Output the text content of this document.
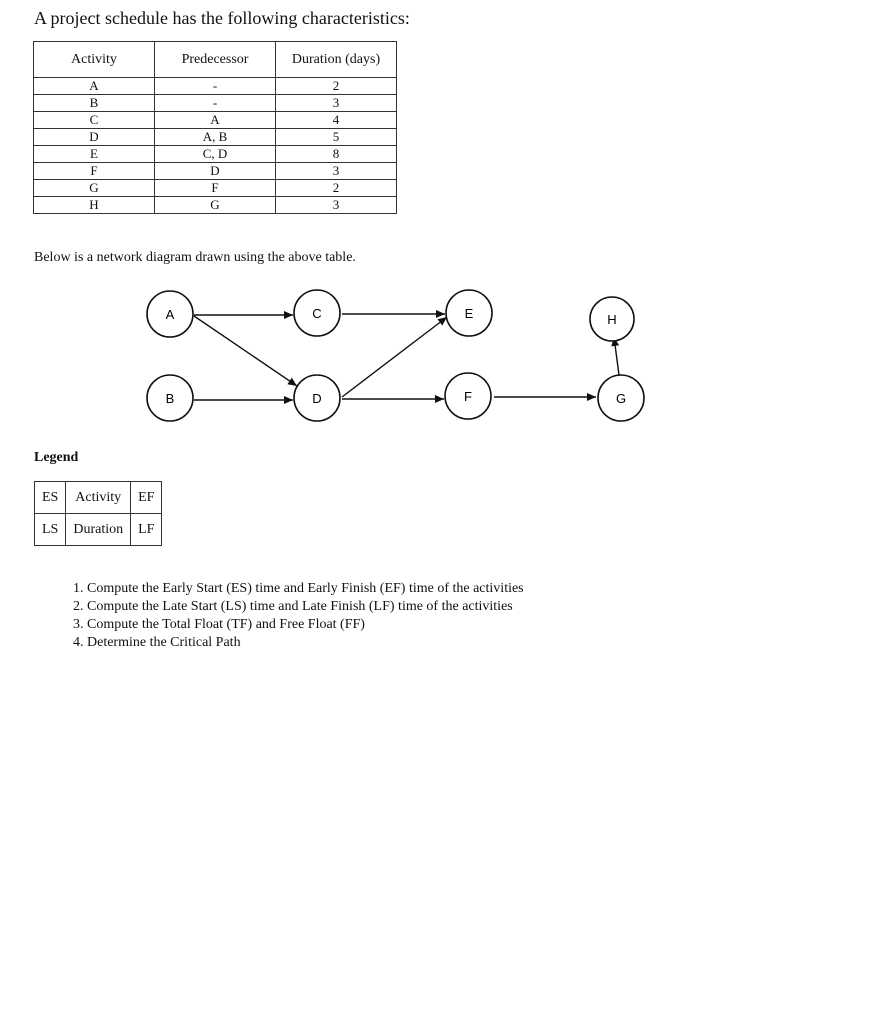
A project schedule has the following characteristics:

Activity	Predecessor	Duration (days)
A	-	2
B	-	3
C	A	4
D	A, B	5
E	C, D	8
F	D	3
G	F	2
H	G	3

Below is a network diagram drawn using the above table.

A
B
C
D
E
F	G
H

Legend

ES	Activity	EF
LS	Duration	LF
1. Compute the Early Start (ES) time and Early Finish (EF) time of the activities
2. Compute the Late Start (LS) time and Late Finish (LF) time of the activities
3. Compute the Total Float (TF) and Free Float (FF)
4. Determine the Critical Path
